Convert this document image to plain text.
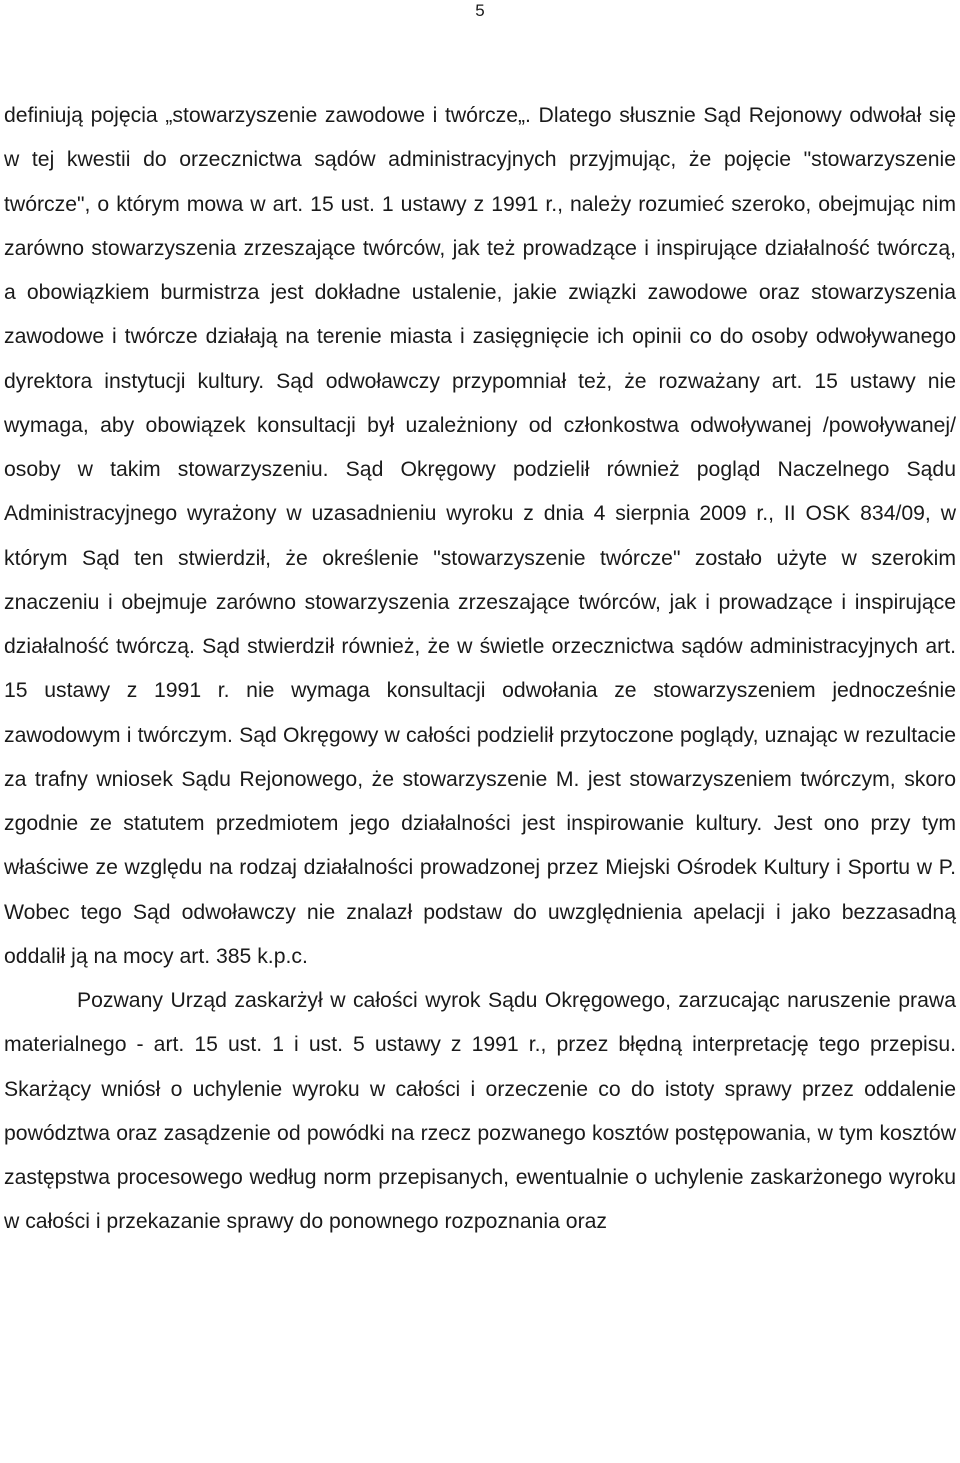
5

definiują pojęcia „stowarzyszenie zawodowe i twórcze„. Dlatego słusznie Sąd Rejonowy odwołał się w tej kwestii do orzecznictwa sądów administracyjnych przyjmując, że pojęcie "stowarzyszenie twórcze", o którym mowa w art. 15 ust. 1 ustawy z 1991 r., należy rozumieć szeroko, obejmując nim zarówno stowarzyszenia zrzeszające twórców, jak też prowadzące i inspirujące działalność twórczą, a obowiązkiem burmistrza jest dokładne ustalenie, jakie związki zawodowe oraz stowarzyszenia zawodowe i twórcze działają na terenie miasta i zasięgnięcie ich opinii co do osoby odwoływanego dyrektora instytucji kultury. Sąd odwoławczy przypomniał też, że rozważany art. 15 ustawy nie wymaga, aby obowiązek konsultacji był uzależniony od członkostwa odwoływanej /powoływanej/ osoby w takim stowarzyszeniu. Sąd Okręgowy podzielił również pogląd Naczelnego Sądu Administracyjnego wyrażony w uzasadnieniu wyroku z dnia 4 sierpnia 2009 r., II OSK 834/09, w którym Sąd ten stwierdził, że określenie "stowarzyszenie twórcze" zostało użyte w szerokim znaczeniu i obejmuje zarówno stowarzyszenia zrzeszające twórców, jak i prowadzące i inspirujące działalność twórczą. Sąd stwierdził również, że w świetle orzecznictwa sądów administracyjnych art. 15 ustawy z 1991 r. nie wymaga konsultacji odwołania ze stowarzyszeniem jednocześnie zawodowym i twórczym. Sąd Okręgowy w całości podzielił przytoczone poglądy, uznając w rezultacie za trafny wniosek Sądu Rejonowego, że stowarzyszenie M. jest stowarzyszeniem twórczym, skoro zgodnie ze statutem przedmiotem jego działalności jest inspirowanie kultury. Jest ono przy tym właściwe ze względu na rodzaj działalności prowadzonej przez Miejski Ośrodek Kultury i Sportu w P. Wobec tego Sąd odwoławczy nie znalazł podstaw do uwzględnienia apelacji i jako bezzasadną oddalił ją na mocy art. 385 k.p.c.

Pozwany Urząd zaskarżył w całości wyrok Sądu Okręgowego, zarzucając naruszenie prawa materialnego - art. 15 ust. 1 i ust. 5 ustawy z 1991 r., przez błędną interpretację tego przepisu. Skarżący wniósł o uchylenie wyroku w całości i orzeczenie co do istoty sprawy przez oddalenie powództwa oraz zasądzenie od powódki na rzecz pozwanego kosztów postępowania, w tym kosztów zastępstwa procesowego według norm przepisanych, ewentualnie o uchylenie zaskarżonego wyroku w całości i przekazanie sprawy do ponownego rozpoznania oraz
